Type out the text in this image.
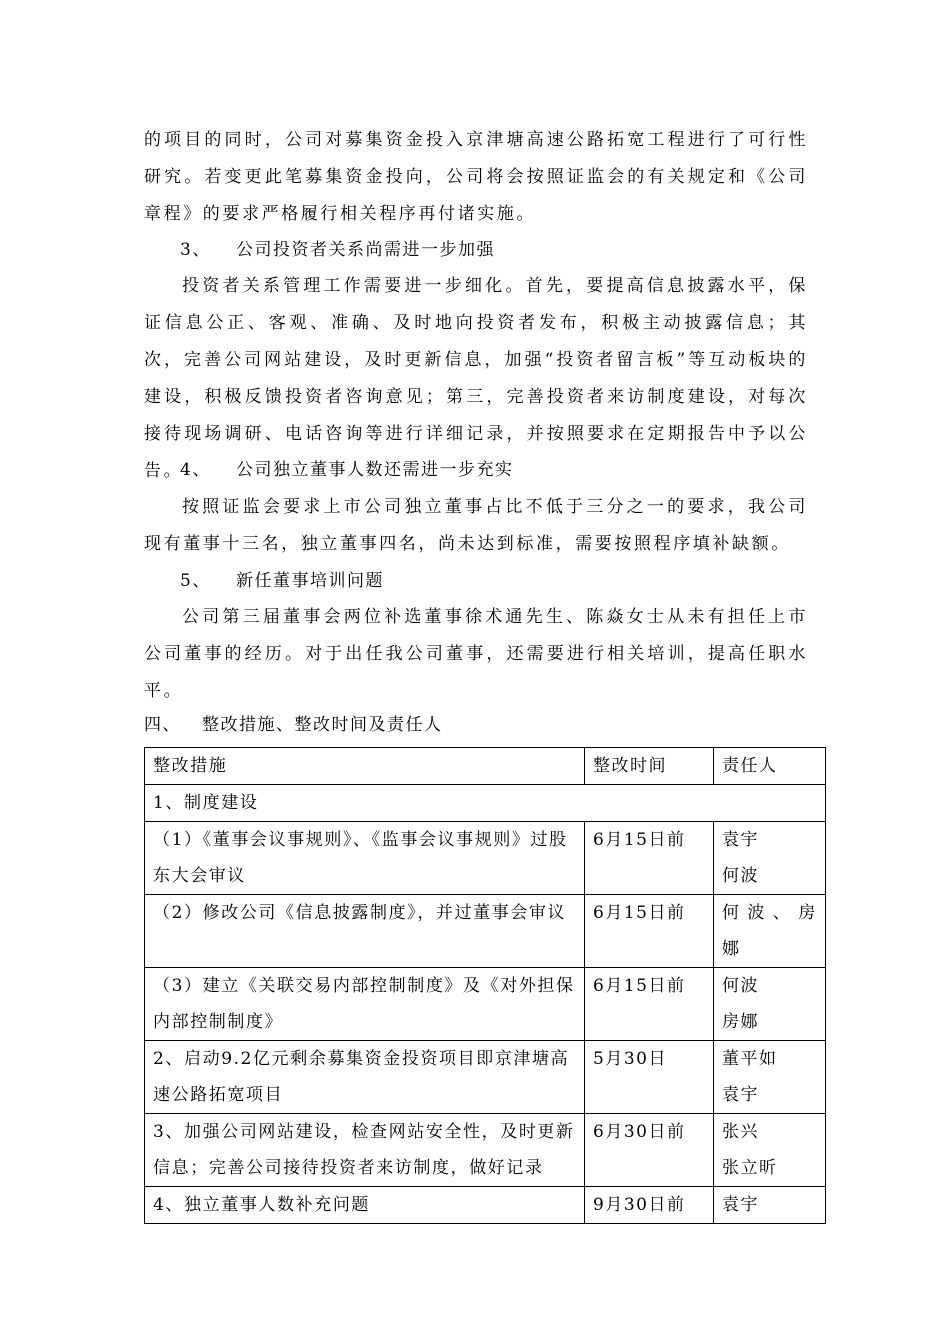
的项目的同时，公司对募集资金投入京津塘高速公路拓宽工程进行了可行性研究。若变更此笔募集资金投向，公司将会按照证监会的有关规定和《公司章程》的要求严格履行相关程序再付诸实施。

3、 公司投资者关系尚需进一步加强

投资者关系管理工作需要进一步细化。首先，要提高信息披露水平，保证信息公正、客观、准确、及时地向投资者发布，积极主动披露信息；其次，完善公司网站建设，及时更新信息，加强“投资者留言板”等互动板块的建设，积极反馈投资者咨询意见；第三，完善投资者来访制度建设，对每次接待现场调研、电话咨询等进行详细记录，并按照要求在定期报告中予以公告。

4、 公司独立董事人数还需进一步充实

按照证监会要求上市公司独立董事占比不低于三分之一的要求，我公司现有董事十三名，独立董事四名，尚未达到标准，需要按照程序填补缺额。

5、 新任董事培训问题

公司第三届董事会两位补选董事徐术通先生、陈焱女士从未有担任上市公司董事的经历。对于出任我公司董事，还需要进行相关培训，提高任职水平。

四、 整改措施、整改时间及责任人
整改措施	整改时间	责任人
1、制度建设		
（1）《董事会议事规则》、《监事会议事规则》过股东大会审议	6月15日前	袁宇
何波

（2）修改公司《信息披露制度》，并过董事会审议	6月15日前	何 波 、 房
娜

（3）建立《关联交易内部控制制度》及《对外担保内部控制制度》	6月15日前	何波
房娜

2、启动9.2亿元剩余募集资金投资项目即京津塘高速公路拓宽项目	5月30日	董平如
袁宇

3、加强公司网站建设，检查网站安全性，及时更新信息；完善公司接待投资者来访制度，做好记录	6月30日前	张兴
张立昕

4、独立董事人数补充问题	9月30日前	袁宇
